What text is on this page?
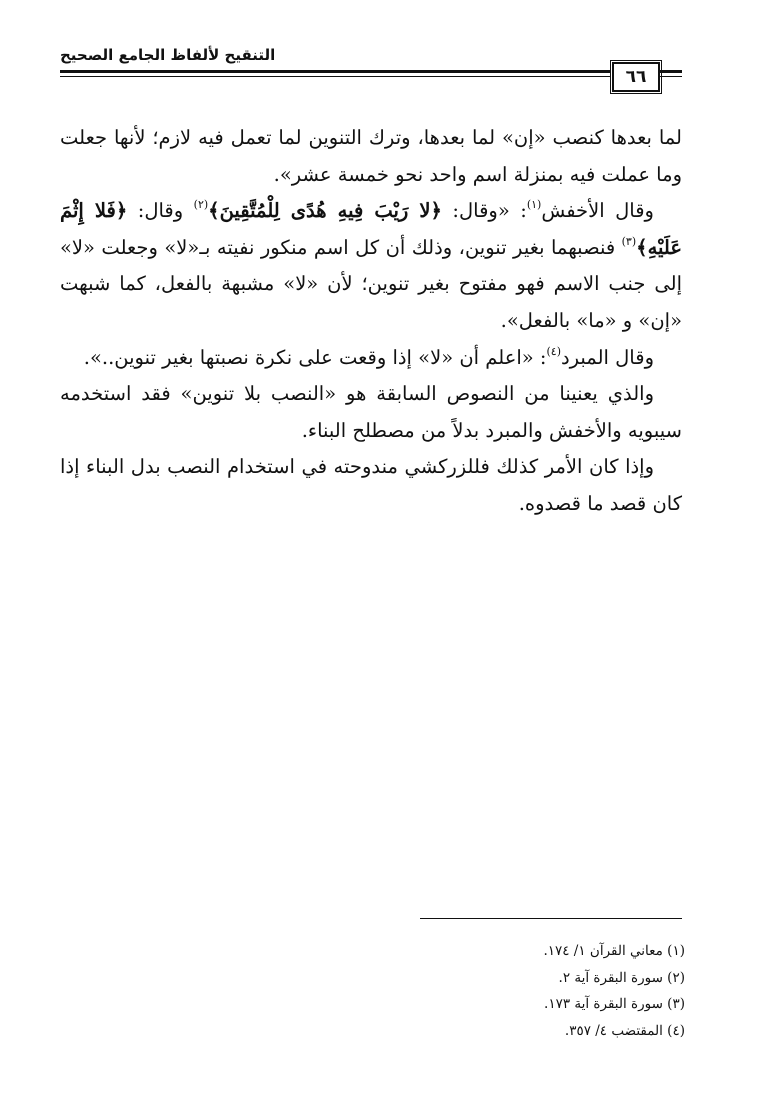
التنقيح لألفاظ الجامع الصحيح
٦٦

لما بعدها كنصب «إن» لما بعدها، وترك التنوين لما تعمل فيه لازم؛ لأنها جعلت وما عملت فيه بمنزلة اسم واحد نحو خمسة عشر».

وقال الأخفش$^{(١)}$: «وقال: ﴿لا رَيْبَ فِيهِ هُدًى لِلْمُتَّقِينَ﴾$^{(٢)}$ وقال: ﴿فَلا إِثْمَ عَلَيْهِ﴾$^{(٣)}$ فنصبهما بغير تنوين، وذلك أن كل اسم منكور نفيته بـ«لا» وجعلت «لا» إلى جنب الاسم فهو مفتوح بغير تنوين؛ لأن «لا» مشبهة بالفعل، كما شبهت «إن» و «ما» بالفعل».

وقال المبرد$^{(٤)}$: «اعلم أن «لا» إذا وقعت على نكرة نصبتها بغير تنوين..».

والذي يعنينا من النصوص السابقة هو «النصب بلا تنوين» فقد استخدمه سيبويه والأخفش والمبرد بدلاً من مصطلح البناء.

وإذا كان الأمر كذلك فللزركشي مندوحته في استخدام النصب بدل البناء إذا كان قصد ما قصدوه.

(١) معاني القرآن ١/ ١٧٤.
(٢) سورة البقرة آية ٢.
(٣) سورة البقرة آية ١٧٣.
(٤) المقتضب ٤/ ٣٥٧.
